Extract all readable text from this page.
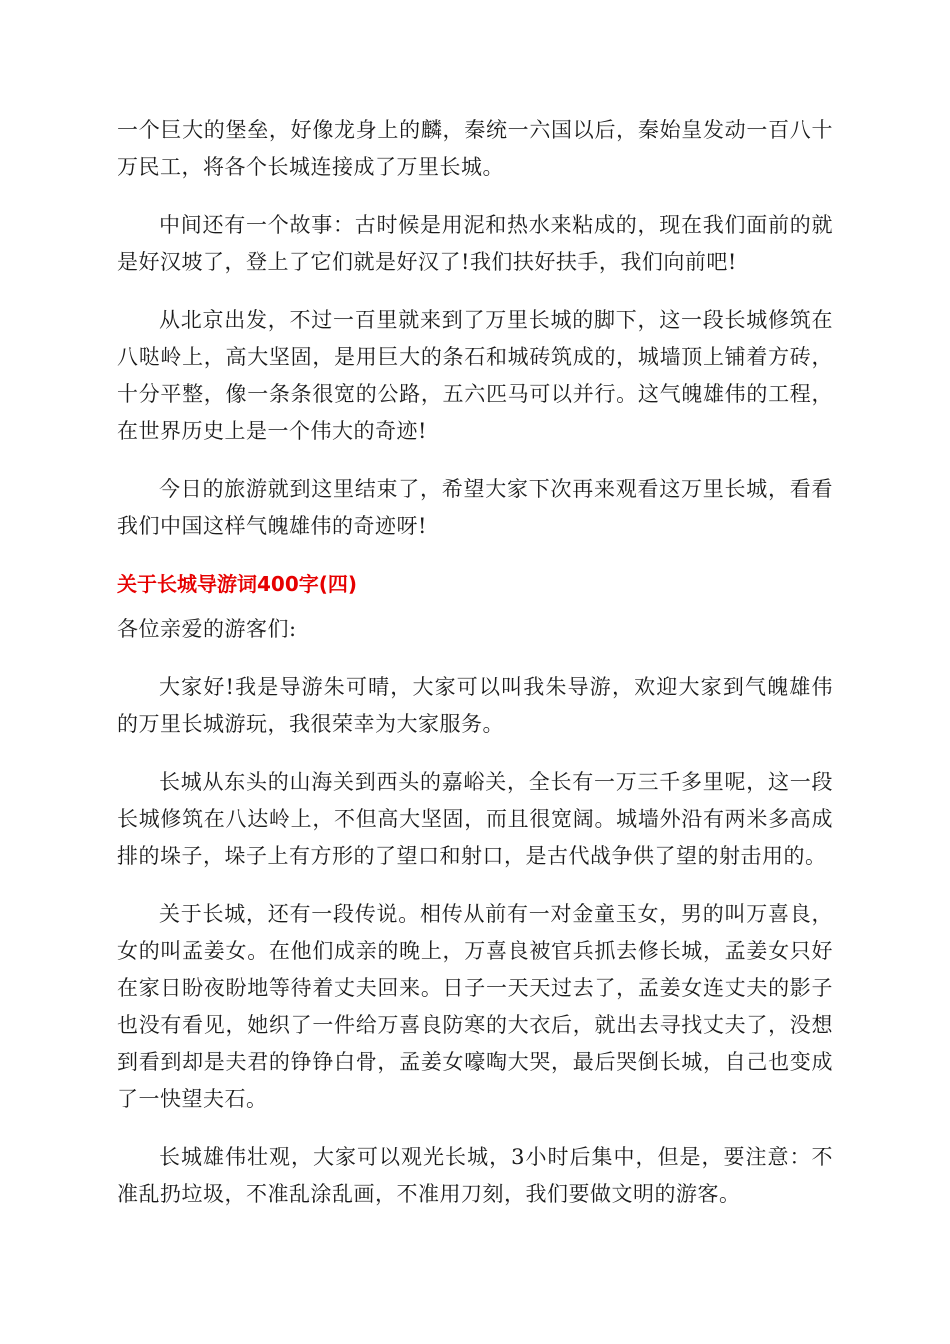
一个巨大的堡垒，好像龙身上的麟，秦统一六国以后，秦始皇发动一百八十万民工，将各个长城连接成了万里长城。

中间还有一个故事：古时候是用泥和热水来粘成的，现在我们面前的就是好汉坡了，登上了它们就是好汉了!我们扶好扶手，我们向前吧!

从北京出发，不过一百里就来到了万里长城的脚下，这一段长城修筑在八哒岭上，高大坚固，是用巨大的条石和城砖筑成的，城墙顶上铺着方砖，十分平整，像一条条很宽的公路，五六匹马可以并行。这气魄雄伟的工程，在世界历史上是一个伟大的奇迹!

今日的旅游就到这里结束了，希望大家下次再来观看这万里长城，看看我们中国这样气魄雄伟的奇迹呀!

关于长城导游词400字(四)

各位亲爱的游客们:

大家好!我是导游朱可晴，大家可以叫我朱导游，欢迎大家到气魄雄伟的万里长城游玩，我很荣幸为大家服务。

长城从东头的山海关到西头的嘉峪关，全长有一万三千多里呢，这一段长城修筑在八达岭上，不但高大坚固，而且很宽阔。城墙外沿有两米多高成排的垛子，垛子上有方形的了望口和射口，是古代战争供了望的射击用的。

关于长城，还有一段传说。相传从前有一对金童玉女，男的叫万喜良，女的叫孟姜女。在他们成亲的晚上，万喜良被官兵抓去修长城，孟姜女只好在家日盼夜盼地等待着丈夫回来。日子一天天过去了，孟姜女连丈夫的影子也没有看见，她织了一件给万喜良防寒的大衣后，就出去寻找丈夫了，没想到看到却是夫君的铮铮白骨，孟姜女嚎啕大哭，最后哭倒长城，自己也变成了一快望夫石。

长城雄伟壮观，大家可以观光长城，3小时后集中，但是，要注意：不准乱扔垃圾，不准乱涂乱画，不准用刀刻，我们要做文明的游客。
